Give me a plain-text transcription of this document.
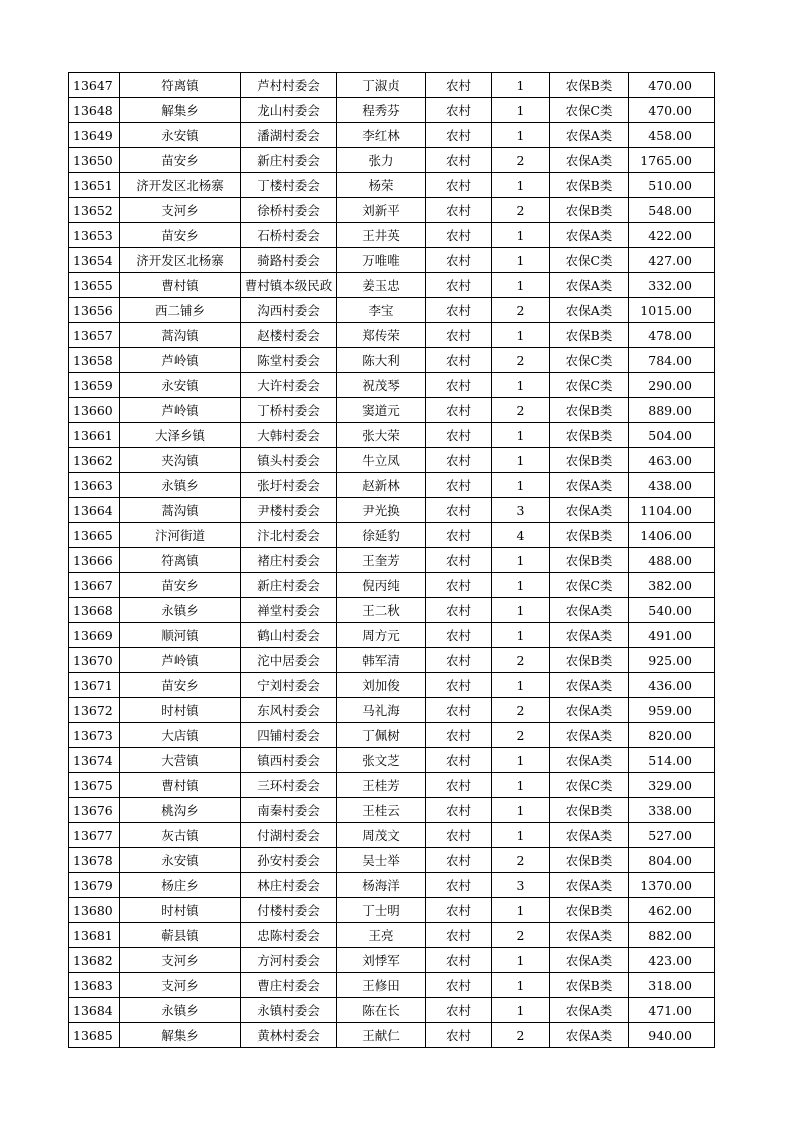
13647	符离镇	芦村村委会	丁淑贞	农村	1	农保B类	470.00
13648	解集乡	龙山村委会	程秀芬	农村	1	农保C类	470.00
13649	永安镇	潘湖村委会	李红林	农村	1	农保A类	458.00
13650	苗安乡	新庄村委会	张力	农村	2	农保A类	1765.00
13651	济开发区北杨寨	丁楼村委会	杨荣	农村	1	农保B类	510.00
13652	支河乡	徐桥村委会	刘新平	农村	2	农保B类	548.00
13653	苗安乡	石桥村委会	王井英	农村	1	农保A类	422.00
13654	济开发区北杨寨	骑路村委会	万唯唯	农村	1	农保C类	427.00
13655	曹村镇	曹村镇本级民政	姜玉忠	农村	1	农保A类	332.00
13656	西二铺乡	沟西村委会	李宝	农村	2	农保A类	1015.00
13657	蒿沟镇	赵楼村委会	郑传荣	农村	1	农保B类	478.00
13658	芦岭镇	陈堂村委会	陈大利	农村	2	农保C类	784.00
13659	永安镇	大许村委会	祝茂琴	农村	1	农保C类	290.00
13660	芦岭镇	丁桥村委会	窦道元	农村	2	农保B类	889.00
13661	大泽乡镇	大韩村委会	张大荣	农村	1	农保B类	504.00
13662	夹沟镇	镇头村委会	牛立凤	农村	1	农保B类	463.00
13663	永镇乡	张圩村委会	赵新林	农村	1	农保A类	438.00
13664	蒿沟镇	尹楼村委会	尹光换	农村	3	农保A类	1104.00
13665	汴河街道	汴北村委会	徐延豹	农村	4	农保B类	1406.00
13666	符离镇	褚庄村委会	王奎芳	农村	1	农保B类	488.00
13667	苗安乡	新庄村委会	倪丙纯	农村	1	农保C类	382.00
13668	永镇乡	禅堂村委会	王二秋	农村	1	农保A类	540.00
13669	顺河镇	鹤山村委会	周方元	农村	1	农保A类	491.00
13670	芦岭镇	沱中居委会	韩军清	农村	2	农保B类	925.00
13671	苗安乡	宁刘村委会	刘加俊	农村	1	农保A类	436.00
13672	时村镇	东风村委会	马礼海	农村	2	农保A类	959.00
13673	大店镇	四铺村委会	丁佩树	农村	2	农保A类	820.00
13674	大营镇	镇西村委会	张文芝	农村	1	农保A类	514.00
13675	曹村镇	三环村委会	王桂芳	农村	1	农保C类	329.00
13676	桃沟乡	南秦村委会	王桂云	农村	1	农保B类	338.00
13677	灰古镇	付湖村委会	周茂文	农村	1	农保A类	527.00
13678	永安镇	孙安村委会	吴士举	农村	2	农保B类	804.00
13679	杨庄乡	林庄村委会	杨海洋	农村	3	农保A类	1370.00
13680	时村镇	付楼村委会	丁士明	农村	1	农保B类	462.00
13681	蕲县镇	忠陈村委会	王亮	农村	2	农保A类	882.00
13682	支河乡	方河村委会	刘悸军	农村	1	农保A类	423.00
13683	支河乡	曹庄村委会	王修田	农村	1	农保B类	318.00
13684	永镇乡	永镇村委会	陈在长	农村	1	农保A类	471.00
13685	解集乡	黄林村委会	王献仁	农村	2	农保A类	940.00
